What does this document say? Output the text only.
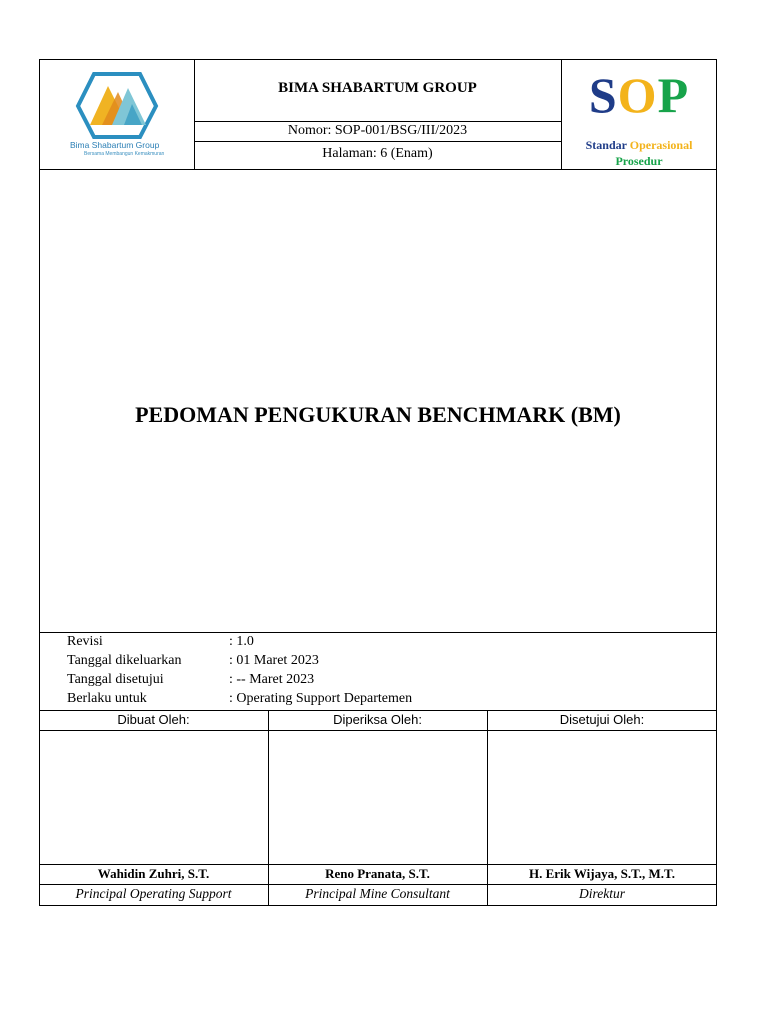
Bima Shabartum Group
Bersama Membangun Kemakmuran
BIMA SHABARTUM GROUP
Nomor: SOP-001/BSG/III/2023
Halaman: 6 (Enam)
SOP
Standar Operasional
Prosedur
PEDOMAN PENGUKURAN BENCHMARK (BM)
Revisi	: 1.0
Tanggal dikeluarkan	: 01 Maret 2023
Tanggal disetujui	: -- Maret 2023
Berlaku untuk	: Operating Support Departemen
Dibuat Oleh:	Diperiksa Oleh:	Disetujui Oleh:
Wahidin Zuhri, S.T.	Reno Pranata, S.T.	H. Erik Wijaya, S.T., M.T.
Principal Operating Support	Principal Mine Consultant	Direktur
